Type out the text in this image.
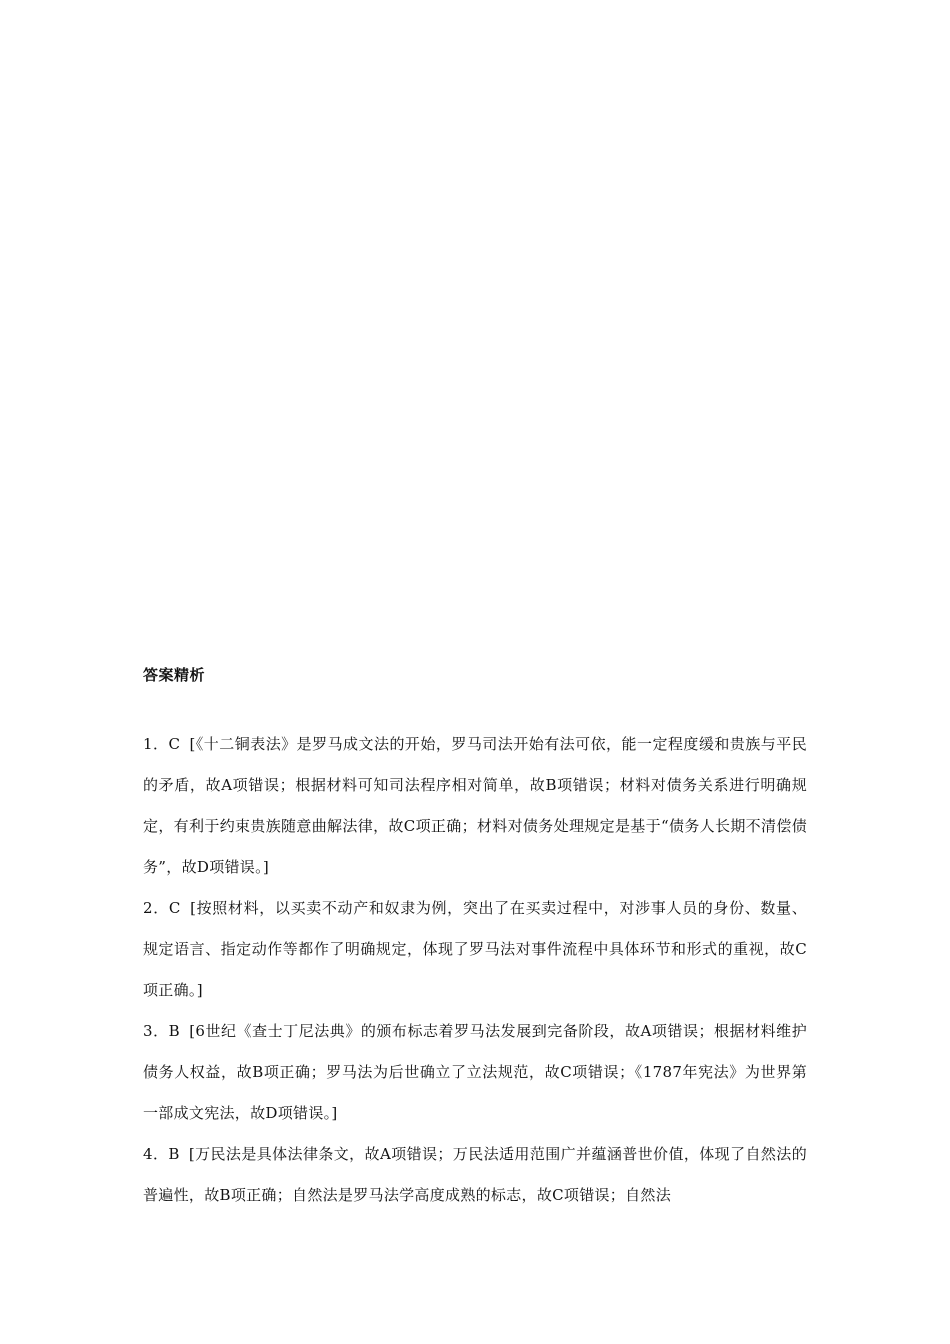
答案精析
1．C [《十二铜表法》是罗马成文法的开始，罗马司法开始有法可依，能一定程度缓和贵族与平民的矛盾，故A项错误；根据材料可知司法程序相对简单，故B项错误；材料对债务关系进行明确规定，有利于约束贵族随意曲解法律，故C项正确；材料对债务处理规定是基于“债务人长期不清偿债务”，故D项错误。]
2．C [按照材料，以买卖不动产和奴隶为例，突出了在买卖过程中，对涉事人员的身份、数量、规定语言、指定动作等都作了明确规定，体现了罗马法对事件流程中具体环节和形式的重视，故C项正确。]
3．B [6世纪《查士丁尼法典》的颁布标志着罗马法发展到完备阶段，故A项错误；根据材料维护债务人权益，故B项正确；罗马法为后世确立了立法规范，故C项错误；《1787年宪法》为世界第一部成文宪法，故D项错误。]
4．B [万民法是具体法律条文，故A项错误；万民法适用范围广并蕴涵普世价值，体现了自然法的普遍性，故B项正确；自然法是罗马法学高度成熟的标志，故C项错误；自然法
